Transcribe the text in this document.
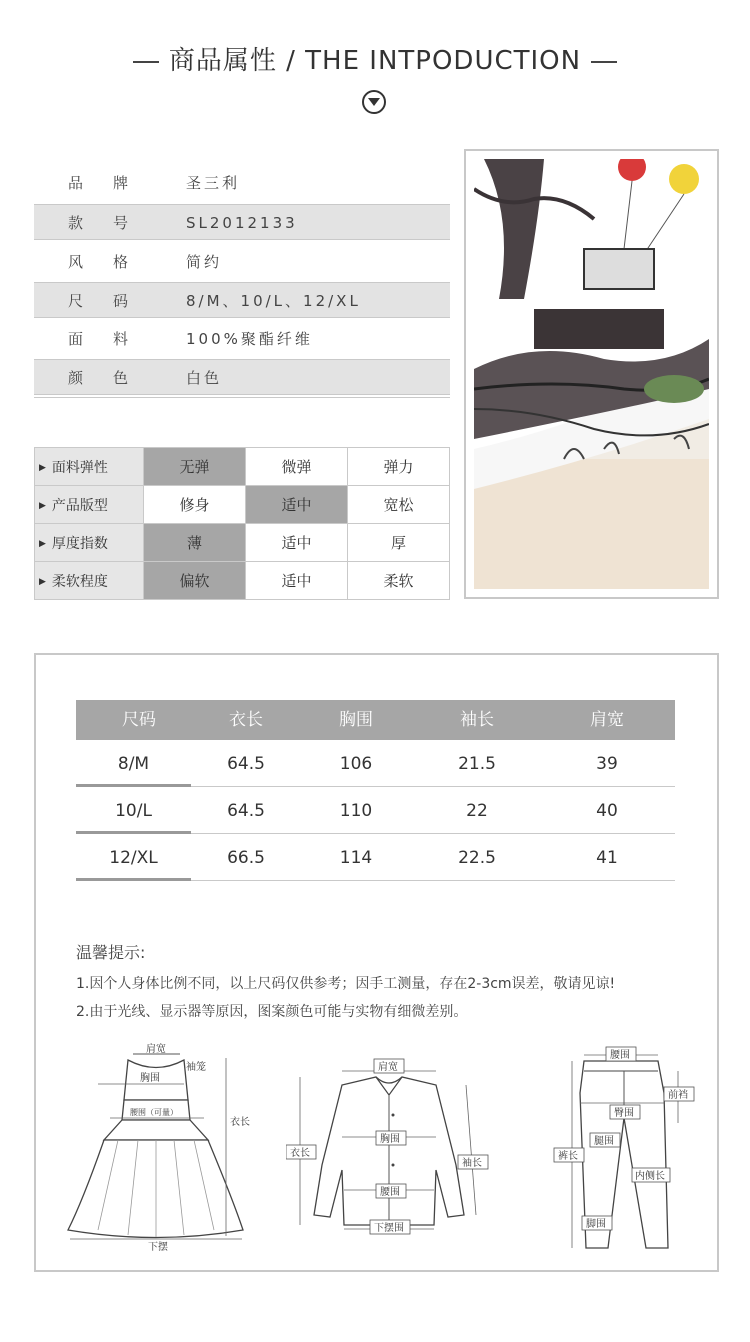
商品属性 / THE INTPODUCTION
品牌 圣三利
款号 SL2012133
风格 简约
尺码 8/M、10/L、12/XL
面料 100%聚酯纤维
颜色 白色
▶ 面料弹性	无弹	微弹	弹力
▶ 产品版型	修身	适中	宽松
▶ 厚度指数	薄	适中	厚
▶ 柔软程度	偏软	适中	柔软
尺码	衣长	胸围	袖长	肩宽
8/M	64.5	106	21.5	39
10/L	64.5	110	22	40
12/XL	66.5	114	22.5	41
温馨提示:
1.因个人身体比例不同，以上尺码仅供参考；因手工测量，存在2-3cm误差，敬请见谅!
2.由于光线、显示器等原因，图案颜色可能与实物有细微差别。
肩宽
袖笼
胸围
腰围（可量）
衣长
下摆
肩宽
衣长
胸围
袖长
腰围
下摆围
腰围
前裆
臀围
腿围
裤长
内侧长
脚围
